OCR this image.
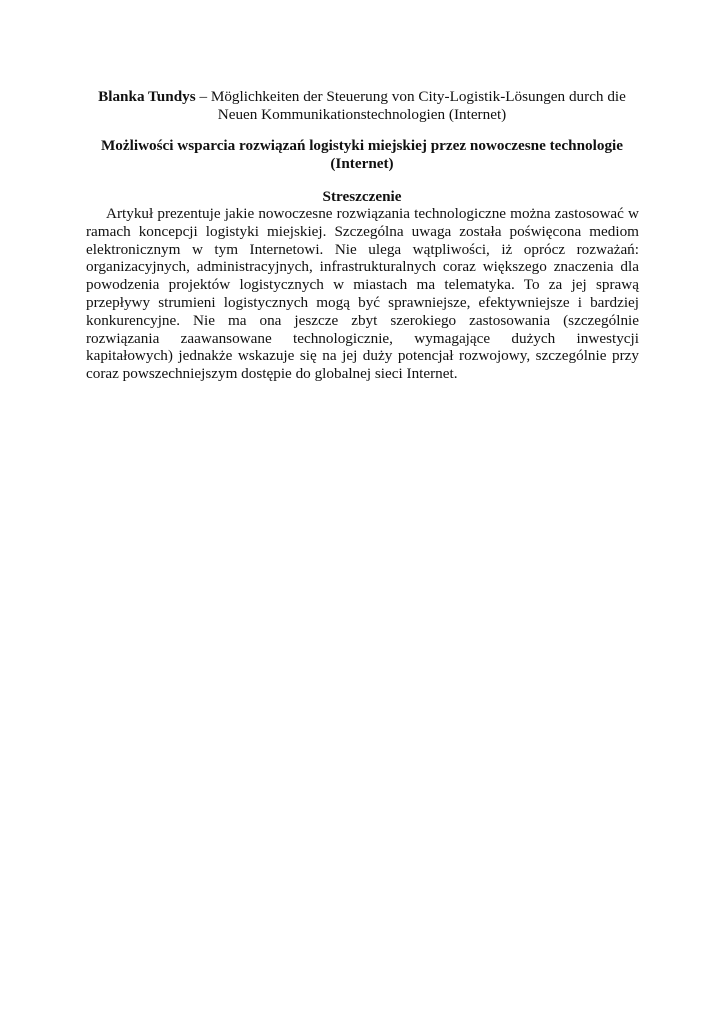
Blanka Tundys – Möglichkeiten der Steuerung von City-Logistik-Lösungen durch die Neuen Kommunikationstechnologien (Internet)
Możliwości wsparcia rozwiązań logistyki miejskiej przez nowoczesne technologie (Internet)
Streszczenie

Artykuł prezentuje jakie nowoczesne rozwiązania technologiczne można zastosować w ramach koncepcji logistyki miejskiej. Szczególna uwaga została poświęcona mediom elektronicznym w tym Internetowi. Nie ulega wątpliwości, iż oprócz rozważań: organizacyjnych, administracyjnych, infrastrukturalnych coraz większego znaczenia dla powodzenia projektów logistycznych w miastach ma telematyka. To za jej sprawą przepływy strumieni logistycznych mogą być sprawniejsze, efektywniejsze i bardziej konkurencyjne. Nie ma ona jeszcze zbyt szerokiego zastosowania (szczególnie rozwiązania zaawansowane technologicznie, wymagające dużych inwestycji kapitałowych) jednakże wskazuje się na jej duży potencjał rozwojowy, szczególnie przy coraz powszechniejszym dostępie do globalnej sieci Internet.
